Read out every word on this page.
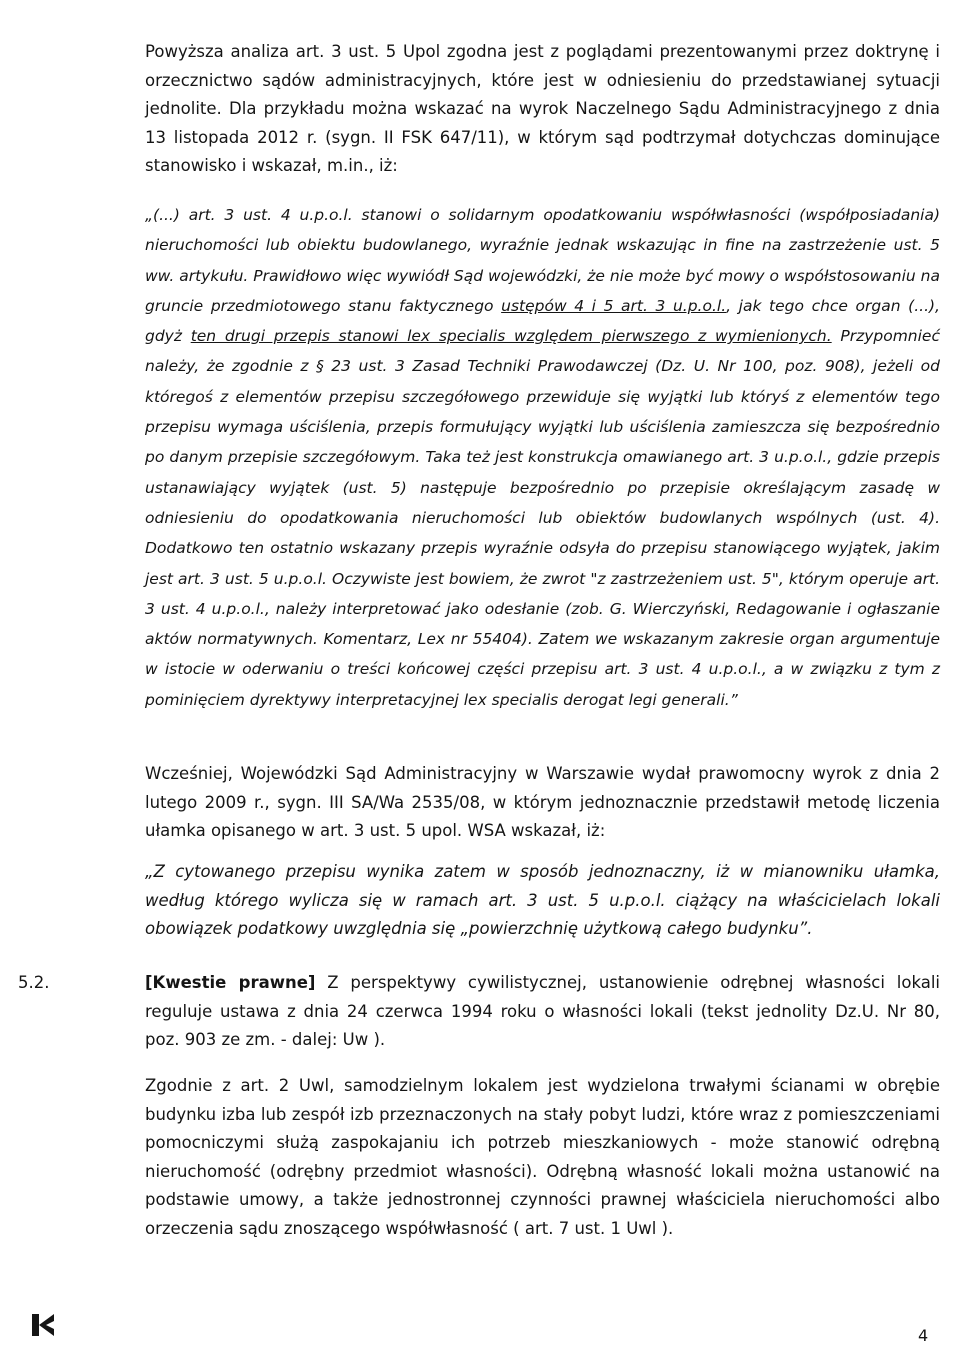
Powyższa analiza art. 3 ust. 5 Upol zgodna jest z poglądami prezentowanymi przez doktrynę i orzecznictwo sądów administracyjnych, które jest w odniesieniu do przedstawianej sytuacji jednolite. Dla przykładu można wskazać na wyrok Naczelnego Sądu Administracyjnego z dnia 13 listopada 2012 r. (sygn. II FSK 647/11), w którym sąd podtrzymał dotychczas dominujące stanowisko i wskazał, m.in., iż:

„(...) art. 3 ust. 4 u.p.o.l. stanowi o solidarnym opodatkowaniu współwłasności (współposiadania) nieruchomości lub obiektu budowlanego, wyraźnie jednak wskazując in fine na zastrzeżenie ust. 5 ww. artykułu. Prawidłowo więc wywiódł Sąd wojewódzki, że nie może być mowy o współstosowaniu na gruncie przedmiotowego stanu faktycznego ustępów 4 i 5 art. 3 u.p.o.l., jak tego chce organ (...), gdyż ten drugi przepis stanowi lex specialis względem pierwszego z wymienionych. Przypomnieć należy, że zgodnie z § 23 ust. 3 Zasad Techniki Prawodawczej (Dz. U. Nr 100, poz. 908), jeżeli od któregoś z elementów przepisu szczegółowego przewiduje się wyjątki lub któryś z elementów tego przepisu wymaga uściślenia, przepis formułujący wyjątki lub uściślenia zamieszcza się bezpośrednio po danym przepisie szczegółowym. Taka też jest konstrukcja omawianego art. 3 u.p.o.l., gdzie przepis ustanawiający wyjątek (ust. 5) następuje bezpośrednio po przepisie określającym zasadę w odniesieniu do opodatkowania nieruchomości lub obiektów budowlanych wspólnych (ust. 4). Dodatkowo ten ostatnio wskazany przepis wyraźnie odsyła do przepisu stanowiącego wyjątek, jakim jest art. 3 ust. 5 u.p.o.l. Oczywiste jest bowiem, że zwrot "z zastrzeżeniem ust. 5", którym operuje art. 3 ust. 4 u.p.o.l., należy interpretować jako odesłanie (zob. G. Wierczyński, Redagowanie i ogłaszanie aktów normatywnych. Komentarz, Lex nr 55404). Zatem we wskazanym zakresie organ argumentuje w istocie w oderwaniu o treści końcowej części przepisu art. 3 ust. 4 u.p.o.l., a w związku z tym z pominięciem dyrektywy interpretacyjnej lex specialis derogat legi generali.”

Wcześniej, Wojewódzki Sąd Administracyjny w Warszawie wydał prawomocny wyrok z dnia 2 lutego 2009 r., sygn. III SA/Wa 2535/08, w którym jednoznacznie przedstawił metodę liczenia ułamka opisanego w art. 3 ust. 5 upol. WSA wskazał, iż:

„Z cytowanego przepisu wynika zatem w sposób jednoznaczny, iż w mianowniku ułamka, według którego wylicza się w ramach art. 3 ust. 5 u.p.o.l. ciążący na właścicielach lokali obowiązek podatkowy uwzględnia się „powierzchnię użytkową całego budynku”.

5.2.	[Kwestie prawne] Z perspektywy cywilistycznej, ustanowienie odrębnej własności lokali reguluje ustawa z dnia 24 czerwca 1994 roku o własności lokali (tekst jednolity Dz.U. Nr 80, poz. 903 ze zm. - dalej: Uw ).

Zgodnie z art. 2 Uwl, samodzielnym lokalem jest wydzielona trwałymi ścianami w obrębie budynku izba lub zespół izb przeznaczonych na stały pobyt ludzi, które wraz z pomieszczeniami pomocniczymi służą zaspokajaniu ich potrzeb mieszkaniowych - może stanowić odrębną nieruchomość (odrębny przedmiot własności). Odrębną własność lokali można ustanowić na podstawie umowy, a także jednostronnej czynności prawnej właściciela nieruchomości albo orzeczenia sądu znoszącego współwłasność ( art. 7 ust. 1 Uwl ).

4
